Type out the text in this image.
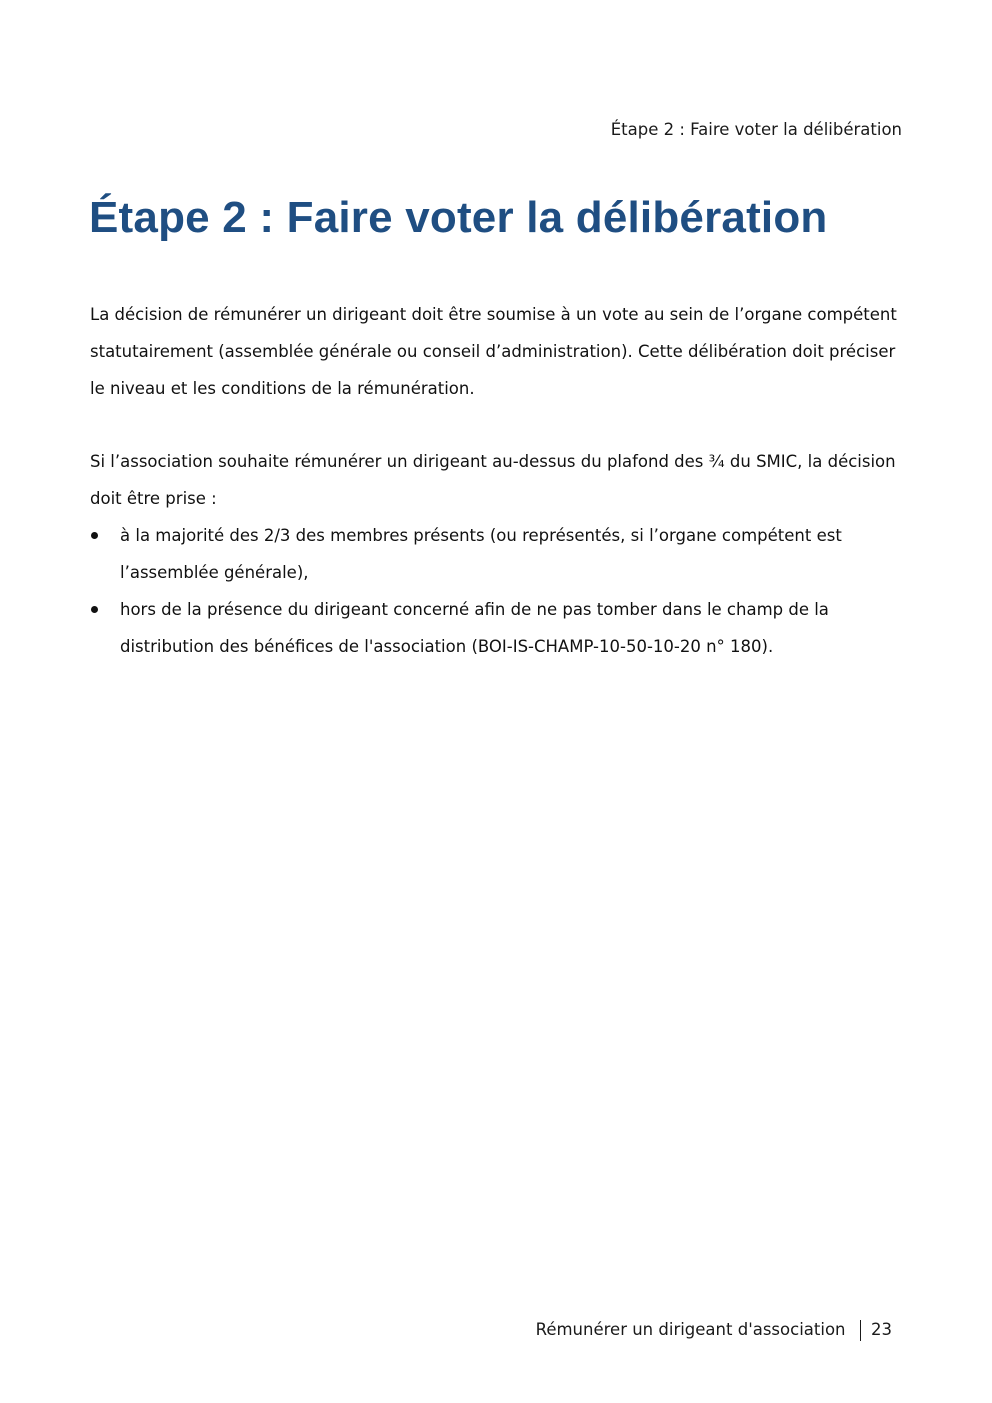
Étape 2 : Faire voter la délibération
Étape 2 : Faire voter la délibération

La décision de rémunérer un dirigeant doit être soumise à un vote au sein de l’organe compétent statutairement (assemblée générale ou conseil d’administration). Cette délibération doit préciser le niveau et les conditions de la rémunération.

Si l’association souhaite rémunérer un dirigeant au-dessus du plafond des ¾ du SMIC, la décision doit être prise :

à la majorité des 2/3 des membres présents (ou représentés, si l’organe compétent est l’assemblée générale),
hors de la présence du dirigeant concerné afin de ne pas tomber dans le champ de la distribution des bénéfices de l'association (BOI-IS-CHAMP-10-50-10-20 n° 180).
Rémunérer un dirigeant d'association 23
